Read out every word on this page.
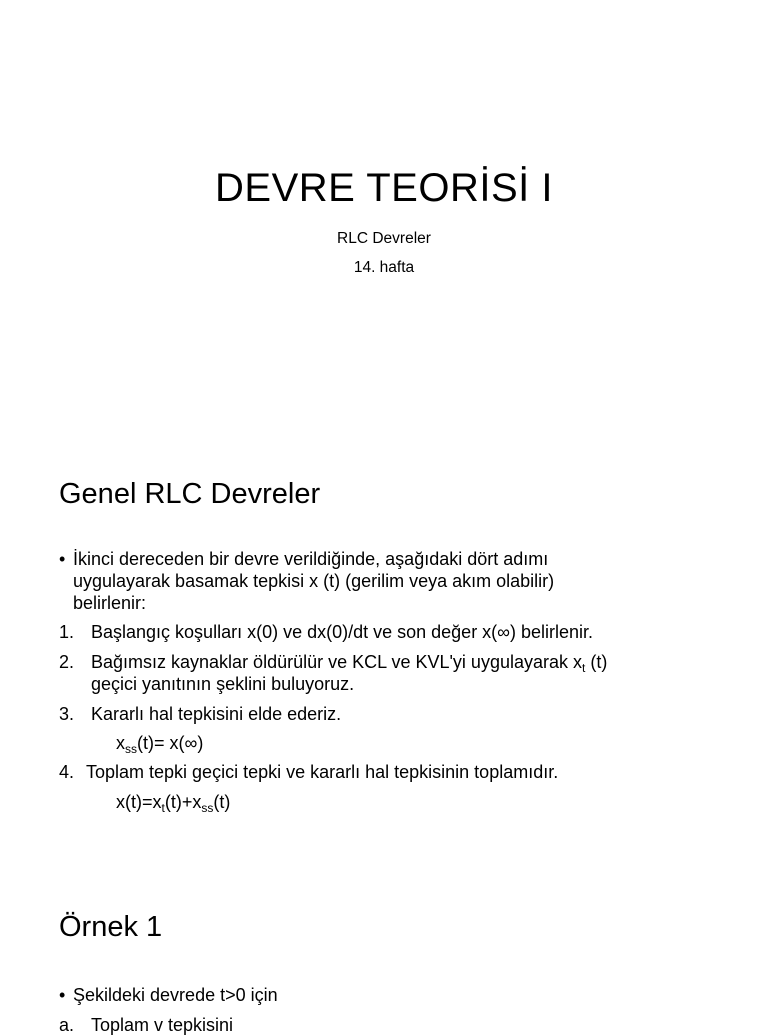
DEVRE TEORİSİ I

RLC Devreler

14. hafta

Genel RLC Devreler
• İkinci dereceden bir devre verildiğinde, aşağıdaki dört adımı

uygulayarak basamak tepkisi x (t) (gerilim veya akım olabilir)

belirlenir:

1. Başlangıç koşulları x(0) ve dx(0)/dt ve son değer x(∞) belirlenir.

2. Bağımsız kaynaklar öldürülür ve KCL ve KVL'yi uygulayarak $x_t$ (t)

geçici yanıtının şeklini buluyoruz.

3. Kararlı hal tepkisini elde ederiz.

$x_{ss}(t)= x(\infty)$

4. Toplam tepki geçici tepki ve kararlı hal tepkisinin toplamıdır.

$x(t)=x_t(t)+x_{ss}(t)$

Örnek 1
• Şekildeki devrede t>0 için

a. Toplam v tepkisini
